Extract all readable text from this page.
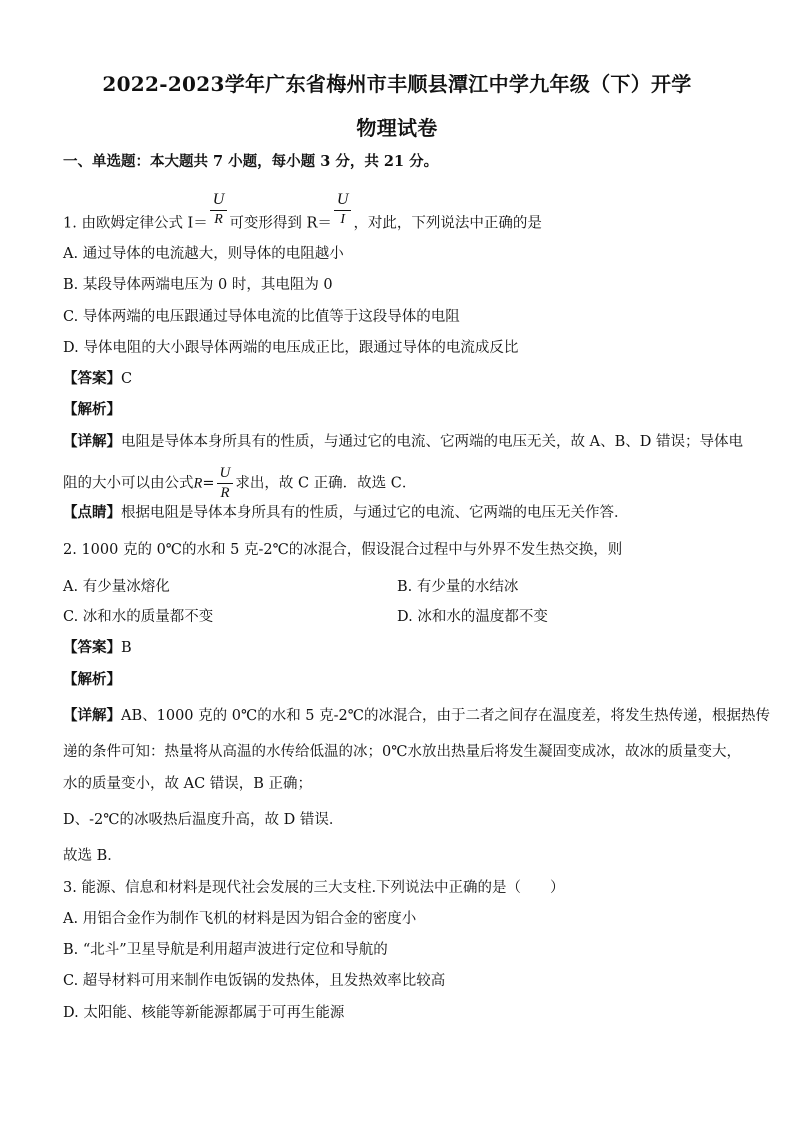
2022-2023学年广东省梅州市丰顺县潭江中学九年级（下）开学
物理试卷
一、单选题：本大题共 7 小题，每小题 3 分，共 21 分。
1. 由欧姆定律公式 $I= \frac{U}{R}$ 可变形得到 $R= \frac{U}{I}$ ，对此，下列说法中正确的是
A. 通过导体的电流越大，则导体的电阻越小
B. 某段导体两端电压为 0 时，其电阻为 0
C. 导体两端的电压跟通过导体电流的比值等于这段导体的电阻
D. 导体电阻的大小跟导体两端的电压成正比，跟通过导体的电流成反比
【答案】C
【解析】
【详解】电阻是导体本身所具有的性质，与通过它的电流、它两端的电压无关，故 A、B、D 错误；导体电
阻的大小可以由公式$R= \frac{U}{R}$ 求出，故 C 正确．故选 C．
【点睛】根据电阻是导体本身所具有的性质，与通过它的电流、它两端的电压无关作答．
2. 1000 克的 0℃的水和 5 克-2℃的冰混合，假设混合过程中与外界不发生热交换，则
A. 有少量冰熔化	B. 有少量的水结冰
C. 冰和水的质量都不变	D. 冰和水的温度都不变
【答案】B
【解析】
【详解】AB、1000 克的 0℃的水和 5 克-2℃的冰混合，由于二者之间存在温度差，将发生热传递，根据热传
递的条件可知：热量将从高温的水传给低温的冰；0℃水放出热量后将发生凝固变成冰，故冰的质量变大，
水的质量变小，故 AC 错误，B 正确；
D、-2℃的冰吸热后温度升高，故 D 错误．
故选 B．
3. 能源、信息和材料是现代社会发展的三大支柱.下列说法中正确的是（　　）
A. 用铝合金作为制作飞机的材料是因为铝合金的密度小
B. “北斗”卫星导航是利用超声波进行定位和导航的
C. 超导材料可用来制作电饭锅的发热体，且发热效率比较高
D. 太阳能、核能等新能源都属于可再生能源
